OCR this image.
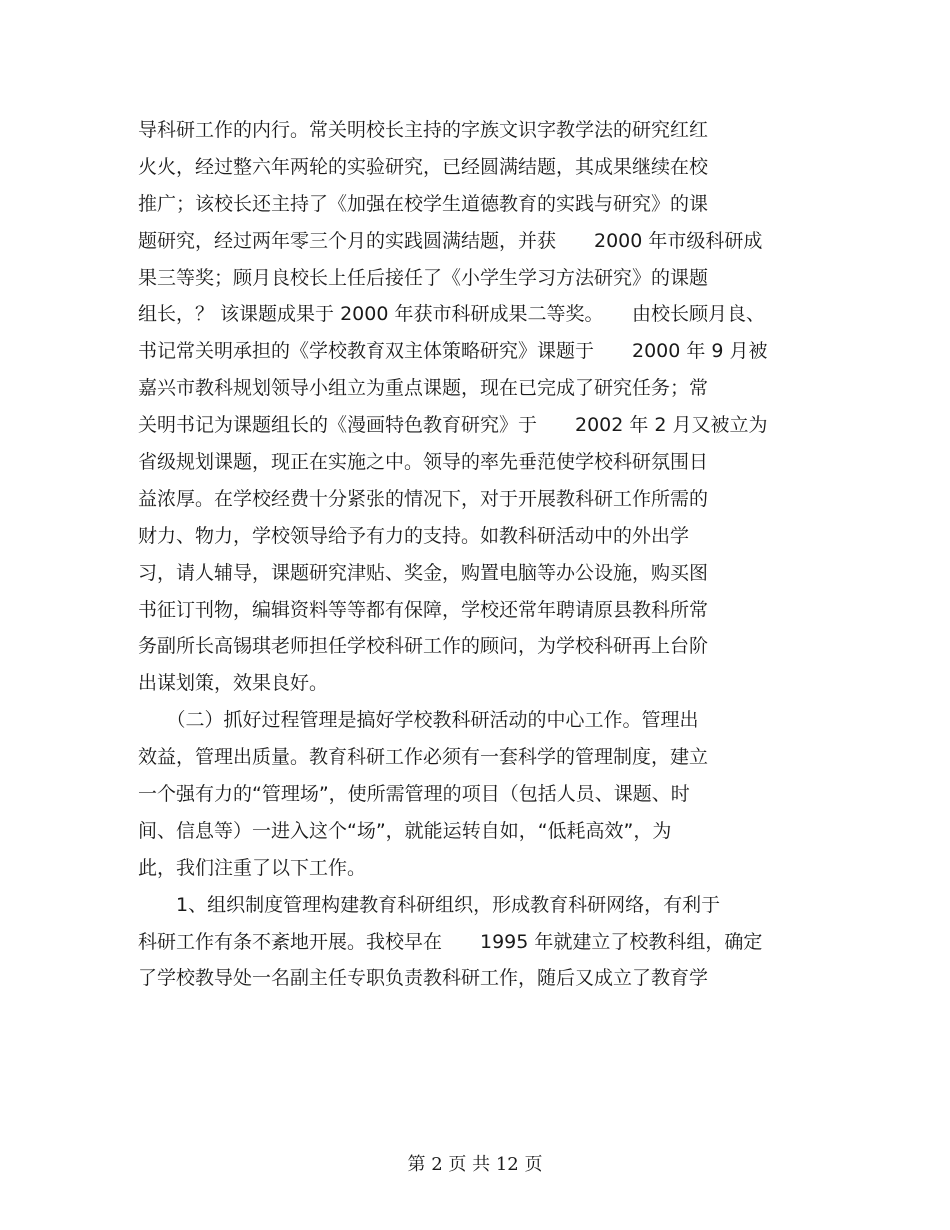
导科研工作的内行。常关明校长主持的字族文识字教学法的研究红红
火火，经过整六年两轮的实验研究，已经圆满结题，其成果继续在校
推广；该校长还主持了《加强在校学生道德教育的实践与研究》的课
题研究，经过两年零三个月的实践圆满结题，并获　　2000 年市级科研成
果三等奖；顾月良校长上任后接任了《小学生学习方法研究》的课题
组长，？ 该课题成果于 2000 年获市科研成果二等奖。　　由校长顾月良、
书记常关明承担的《学校教育双主体策略研究》课题于　　2000 年 9 月被
嘉兴市教科规划领导小组立为重点课题，现在已完成了研究任务；常
关明书记为课题组长的《漫画特色教育研究》于　　2002 年 2 月又被立为
省级规划课题，现正在实施之中。领导的率先垂范使学校科研氛围日
益浓厚。在学校经费十分紧张的情况下，对于开展教科研工作所需的
财力、物力，学校领导给予有力的支持。如教科研活动中的外出学
习，请人辅导，课题研究津贴、奖金，购置电脑等办公设施，购买图
书征订刊物，编辑资料等等都有保障，学校还常年聘请原县教科所常
务副所长高锡琪老师担任学校科研工作的顾问，为学校科研再上台阶
出谋划策，效果良好。
　　（二）抓好过程管理是搞好学校教科研活动的中心工作。管理出
效益，管理出质量。教育科研工作必须有一套科学的管理制度，建立
一个强有力的“管理场”，使所需管理的项目（包括人员、课题、时
间、信息等）一进入这个“场”，就能运转自如，“低耗高效”，为
此，我们注重了以下工作。
　　1、组织制度管理构建教育科研组织，形成教育科研网络，有利于
科研工作有条不紊地开展。我校早在　　1995 年就建立了校教科组，确定
了学校教导处一名副主任专职负责教科研工作，随后又成立了教育学
第 2 页 共 12 页
